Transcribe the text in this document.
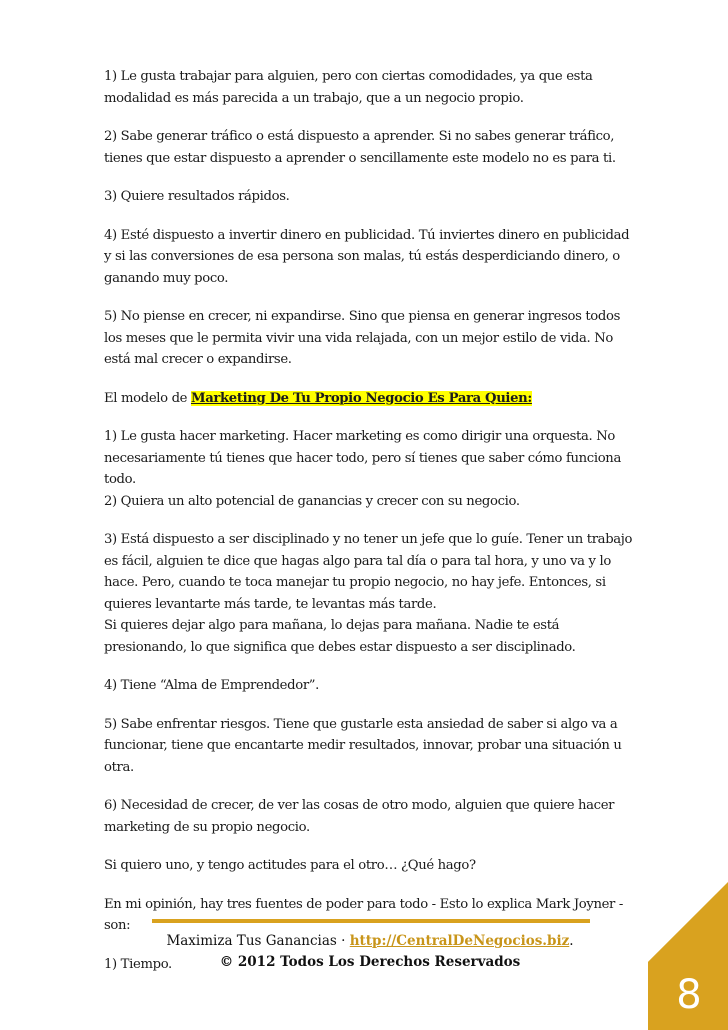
1) Le gusta trabajar para alguien, pero con ciertas comodidades, ya que esta modalidad es más parecida a un trabajo, que a un negocio propio.

2) Sabe generar tráfico o está dispuesto a aprender. Si no sabes generar tráfico, tienes que estar dispuesto a aprender o sencillamente este modelo no es para ti.

3) Quiere resultados rápidos.

4) Esté dispuesto a invertir dinero en publicidad. Tú inviertes dinero en publicidad y si las conversiones de esa persona son malas, tú estás desperdiciando dinero, o ganando muy poco.

5) No piense en crecer, ni expandirse. Sino que piensa en generar ingresos todos los meses que le permita vivir una vida relajada, con un mejor estilo de vida. No está mal crecer o expandirse.

El modelo de Marketing De Tu Propio Negocio Es Para Quien:

1) Le gusta hacer marketing. Hacer marketing es como dirigir una orquesta. No necesariamente tú tienes que hacer todo, pero sí tienes que saber cómo funciona todo.

2) Quiera un alto potencial de ganancias y crecer con su negocio.

3) Está dispuesto a ser disciplinado y no tener un jefe que lo guíe. Tener un trabajo es fácil, alguien te dice que hagas algo para tal día o para tal hora, y uno va y lo hace. Pero, cuando te toca manejar tu propio negocio, no hay jefe. Entonces, si quieres levantarte más tarde, te levantas más tarde.

Si quieres dejar algo para mañana, lo dejas para mañana. Nadie te está presionando, lo que significa que debes estar dispuesto a ser disciplinado.

4) Tiene “Alma de Emprendedor”.

5) Sabe enfrentar riesgos. Tiene que gustarle esta ansiedad de saber si algo va a funcionar, tiene que encantarte medir resultados, innovar, probar una situación u otra.

6) Necesidad de crecer, de ver las cosas de otro modo, alguien que quiere hacer marketing de su propio negocio.

Si quiero uno, y tengo actitudes para el otro… ¿Qué hago?

En mi opinión, hay tres fuentes de poder para todo - Esto lo explica Mark Joyner - son:

1) Tiempo.

Maximiza Tus Ganancias · http://CentralDeNegocios.biz.
© 2012 Todos Los Derechos Reservados
8
